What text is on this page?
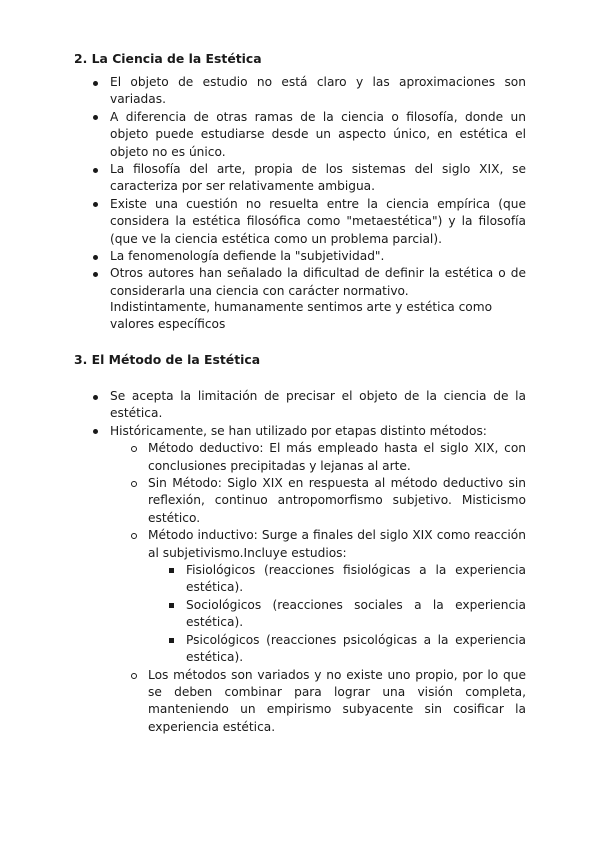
2. La Ciencia de la Estética
El objeto de estudio no está claro y las aproximaciones son variadas.
A diferencia de otras ramas de la ciencia o filosofía, donde un objeto puede estudiarse desde un aspecto único, en estética el objeto no es único.
La filosofía del arte, propia de los sistemas del siglo XIX, se caracteriza por ser relativamente ambigua.
Existe una cuestión no resuelta entre la ciencia empírica (que considera la estética filosófica como "metaestética") y la filosofía (que ve la ciencia estética como un problema parcial).
La fenomenología defiende la "subjetividad".
Otros autores han señalado la dificultad de definir la estética o de considerarla una ciencia con carácter normativo.

Indistintamente, humanamente sentimos arte y estética como valores específicos

3. El Método de la Estética
Se acepta la limitación de precisar el objeto de la ciencia de la estética.
Históricamente, se han utilizado por etapas distinto métodos:
Método deductivo: El más empleado hasta el siglo XIX, con conclusiones precipitadas y lejanas al arte.
Sin Método: Siglo XIX en respuesta al método deductivo sin reflexión, continuo antropomorfismo subjetivo. Misticismo estético.
Método inductivo: Surge a finales del siglo XIX como reacción al subjetivismo.Incluye estudios:
Fisiológicos (reacciones fisiológicas a la experiencia estética).
Sociológicos (reacciones sociales a la experiencia estética).
Psicológicos (reacciones psicológicas a la experiencia estética).
Los métodos son variados y no existe uno propio, por lo que se deben combinar para lograr una visión completa, manteniendo un empirismo subyacente sin cosificar la experiencia estética.
